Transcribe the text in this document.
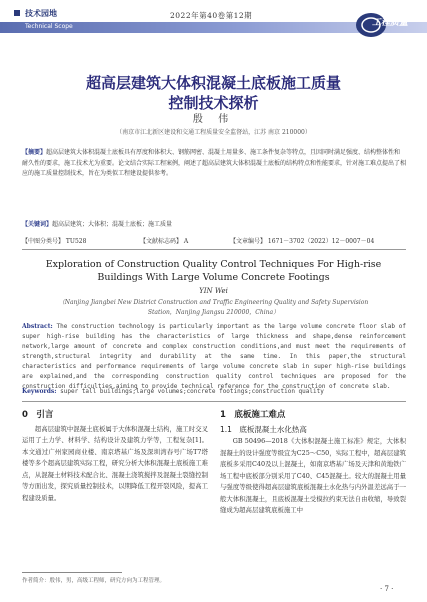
技术园地
Technical Scope
2022年第40卷第12期
工程质量
超高层建筑大体积混凝土底板施工质量
控制技术探析
殷 伟
（南京市江北新区建设和交通工程质量安全监督站，江苏 南京 210000）
【摘要】超高层建筑大体积混凝土底板具有厚度和体积大、钢筋网密、混凝土用量多、施工条件复杂等特点，且因同时满足强度、结构整体性和耐久性的要求，施工技术尤为重要。论文结合实际工程案例，阐述了超高层建筑大体积混凝土底板的结构特点和性能要求，针对施工难点提出了相应的施工质量控制技术，旨在为类似工程建设提供参考。
【关键词】超高层建筑；大体积；混凝土底板；施工质量
【中图分类号】 TU528	【文献标志码】 A	【文章编号】 1671－3702（2022）12－0007－04
Exploration of Construction Quality Control Techniques For High-rise
Buildings With Large Volume Concrete Footings
YIN Wei
（Nanjing Jiangbei New District Construction and Traffic Engineering Quality and Safety Supervision
Station，Nanjing Jiangsu 210000，China）
Abstract: The construction technology is particularly important as the large volume concrete floor slab of super high-rise building has the characteristics of large thickness and shape,dense reinforcement network,large amount of concrete and complex construction conditions,and must meet the requirements of strength,structural integrity and durability at the same time. In this paper,the structural characteristics and performance requirements of large volume concrete slab in super high-rise buildings are explained,and the corresponding construction quality control techniques are proposed for the construction difficulties,aiming to provide technical reference for the construction of concrete slab.
Keywords: super tall buildings;large volumes;concrete footings;construction quality
0　引言
超高层建筑中混凝土底板属于大体积混凝土结构，施工时交叉运用了土力学、材料学、结构设计及建筑力学等，工程复杂[1]。本文通过广州家园商业楼、南京塔基广场及深圳湾春号广场T7塔楼等多个超高层建筑实际工程，研究分析大体积混凝土底板施工难点，从混凝土材料技术配合比、混凝土浇筑搅拌及混凝土裂缝控制等方面出发，探究质量控制技术，以期降低工程开裂风险，提高工程建设质量。
1　底板施工难点
1.1　底板混凝土水化热高
GB 50496—2018《大体积混凝土施工标准》规定，大体积混凝土的设计强度等级宜为C25～C50，实际工程中，超高层建筑底板多采用C40及以上混凝土，如南京塔基广场及天津和黄地铁广场工程中底板部分别采用了C40、C45混凝土。较大的混凝土用量与强度等级使得超高层建筑底板混凝土水化热与内外温差远高于一般大体积混凝土，且底板混凝土受模拉约束无法自由收缩，导致裂缝成为超高层建筑底板施工中
作者简介：殷伟，男，高级工程师，研究方向为工程管理。
· 7 ·
